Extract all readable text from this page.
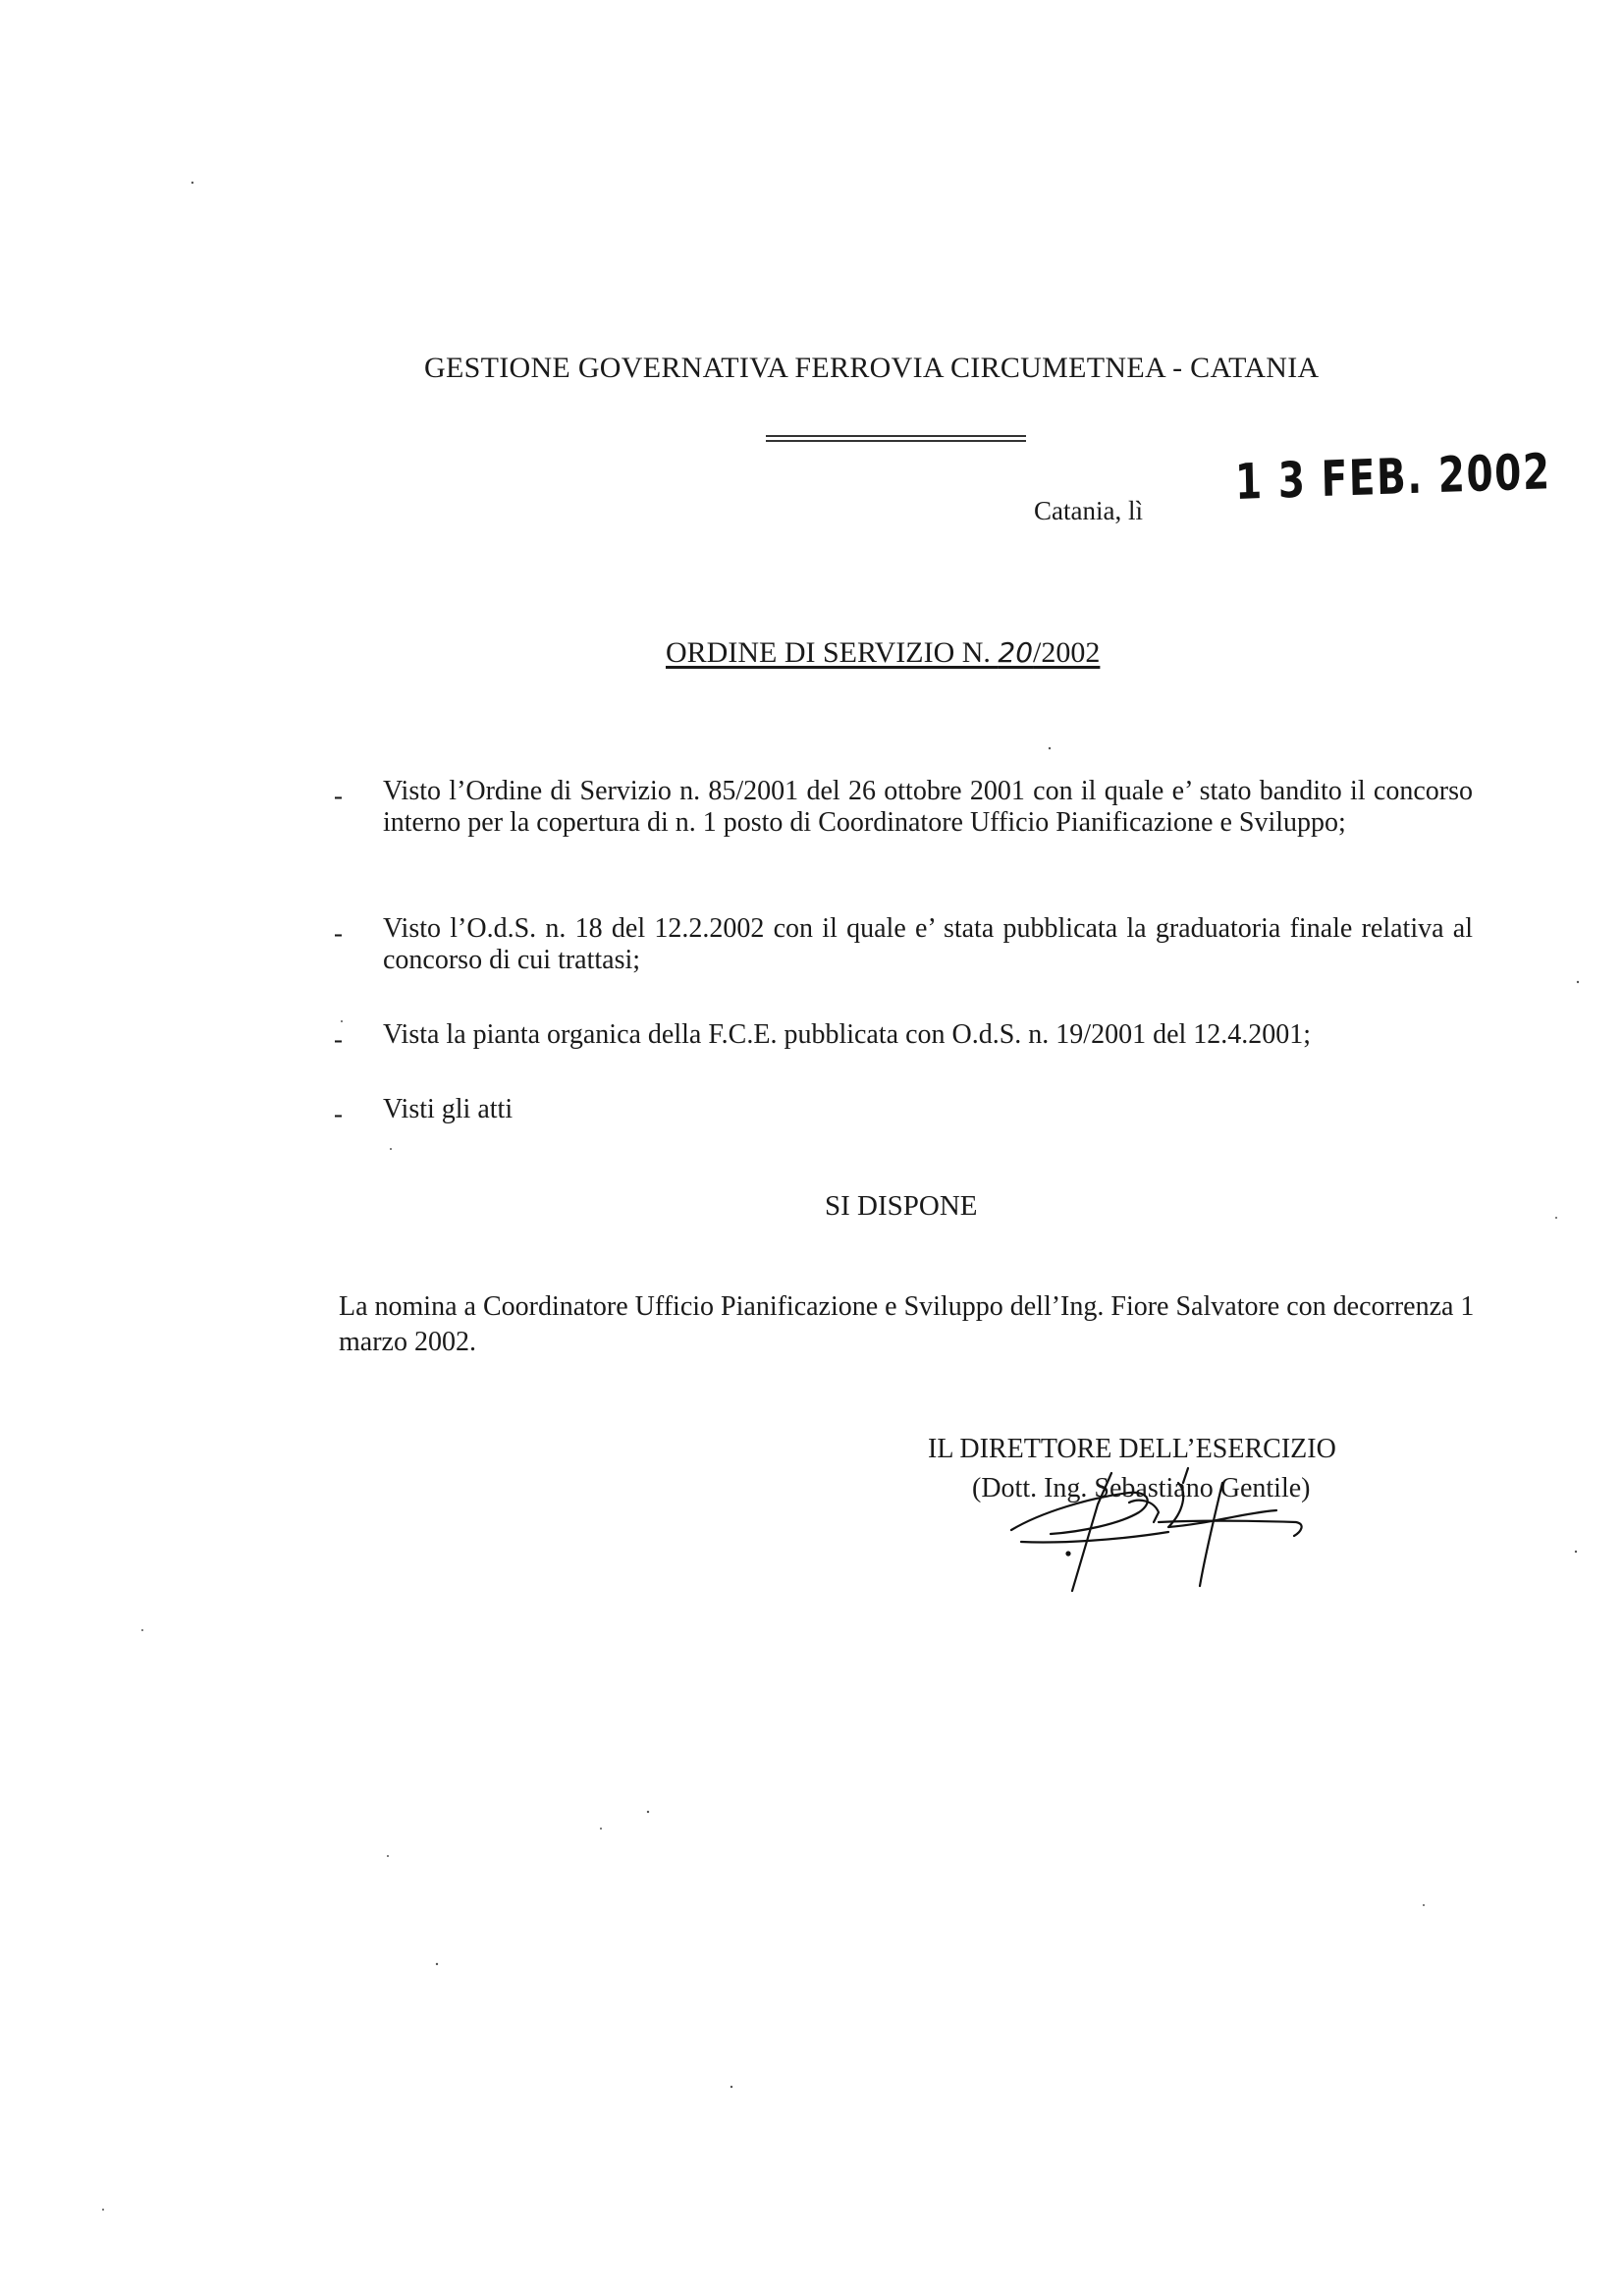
GESTIONE GOVERNATIVA FERROVIA CIRCUMETNEA - CATANIA
Catania, lì
1 3 FEB. 2002
ORDINE DI SERVIZIO N. 20/2002
- Visto l’Ordine di Servizio n. 85/2001 del 26 ottobre 2001 con il quale e’ stato bandito il concorso interno per la copertura di n. 1 posto di Coordinatore Ufficio Pianificazione e Sviluppo;
- Visto l’O.d.S. n. 18 del 12.2.2002 con il quale e’ stata pubblicata la graduatoria finale relativa al concorso di cui trattasi;
- Vista la pianta organica della F.C.E. pubblicata con O.d.S. n. 19/2001 del 12.4.2001;
- Visti gli atti
SI DISPONE
La nomina a Coordinatore Ufficio Pianificazione e Sviluppo dell’Ing. Fiore Salvatore con decorrenza 1 marzo 2002.
IL DIRETTORE DELL’ESERCIZIO
(Dott. Ing. Sebastiano Gentile)
